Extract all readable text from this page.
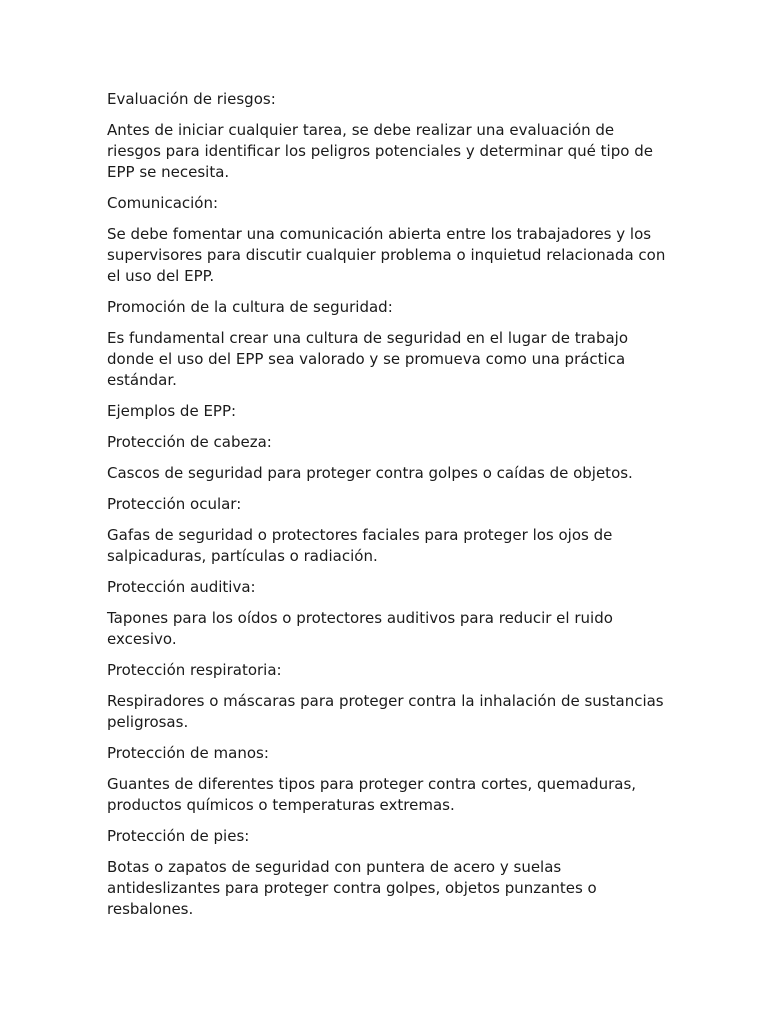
Evaluación de riesgos:

Antes de iniciar cualquier tarea, se debe realizar una evaluación de riesgos para identificar los peligros potenciales y determinar qué tipo de EPP se necesita.

Comunicación:

Se debe fomentar una comunicación abierta entre los trabajadores y los supervisores para discutir cualquier problema o inquietud relacionada con el uso del EPP.

Promoción de la cultura de seguridad:

Es fundamental crear una cultura de seguridad en el lugar de trabajo donde el uso del EPP sea valorado y se promueva como una práctica estándar.

Ejemplos de EPP:

Protección de cabeza:

Cascos de seguridad para proteger contra golpes o caídas de objetos.

Protección ocular:

Gafas de seguridad o protectores faciales para proteger los ojos de salpicaduras, partículas o radiación.

Protección auditiva:

Tapones para los oídos o protectores auditivos para reducir el ruido excesivo.

Protección respiratoria:

Respiradores o máscaras para proteger contra la inhalación de sustancias peligrosas.

Protección de manos:

Guantes de diferentes tipos para proteger contra cortes, quemaduras, productos químicos o temperaturas extremas.

Protección de pies:

Botas o zapatos de seguridad con puntera de acero y suelas antideslizantes para proteger contra golpes, objetos punzantes o resbalones.
